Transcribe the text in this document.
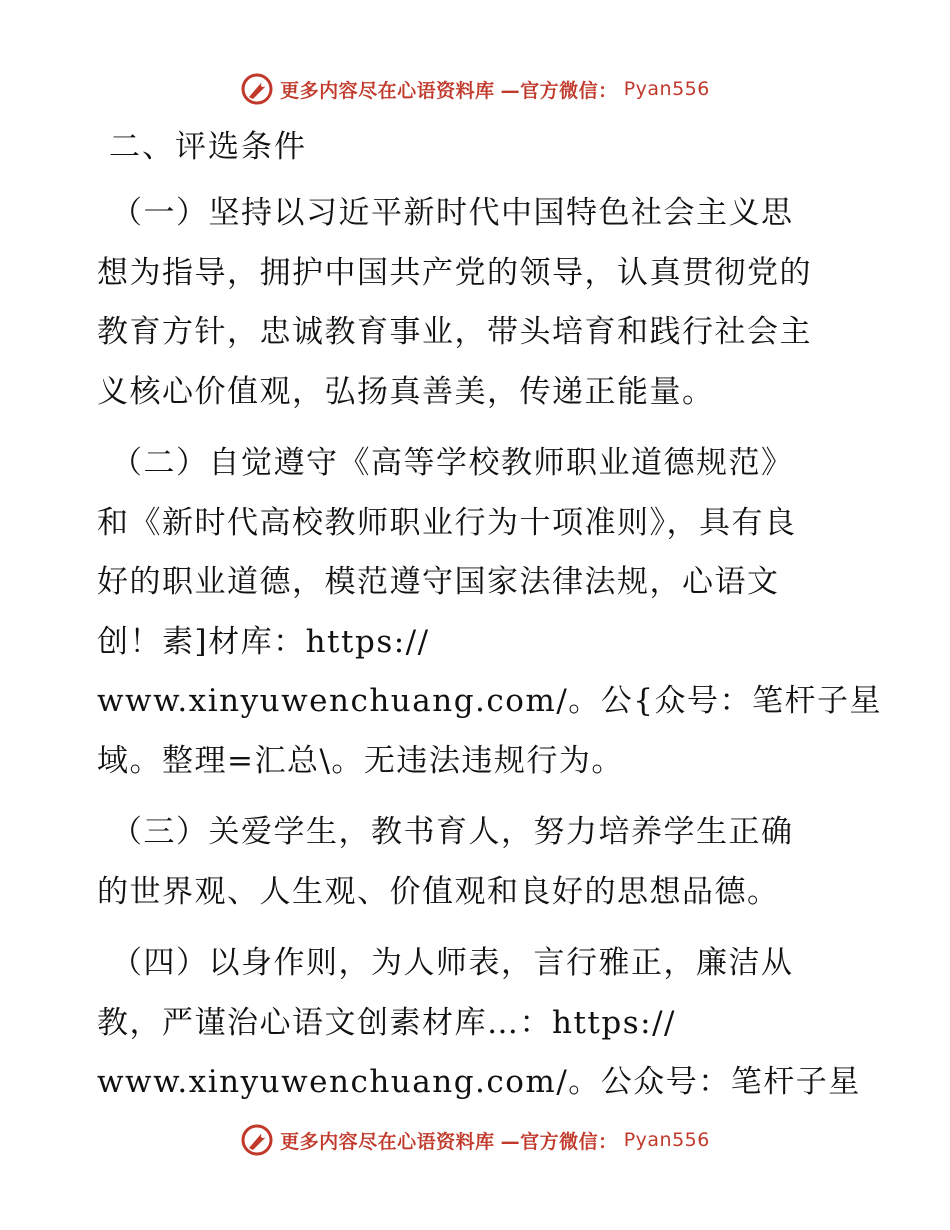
更多内容尽在心语资料库 —官方微信： Pyan556
二、评选条件
（一）坚持以习近平新时代中国特色社会主义思
想为指导，拥护中国共产党的领导，认真贯彻党的
教育方针，忠诚教育事业，带头培育和践行社会主
义核心价值观，弘扬真善美，传递正能量。
（二）自觉遵守《高等学校教师职业道德规范》
和《新时代高校教师职业行为十项准则》，具有良
好的职业道德，模范遵守国家法律法规，心语文
创！素]材库：https://
www.xinyuwenchuang.com/。公{众号：笔杆子星
域。整理=汇总\。无违法违规行为。
（三）关爱学生，教书育人，努力培养学生正确
的世界观、人生观、价值观和良好的思想品德。
（四）以身作则，为人师表，言行雅正，廉洁从
教，严谨治心语文创素材库…：https://
www.xinyuwenchuang.com/。公众号：笔杆子星
更多内容尽在心语资料库 —官方微信： Pyan556
